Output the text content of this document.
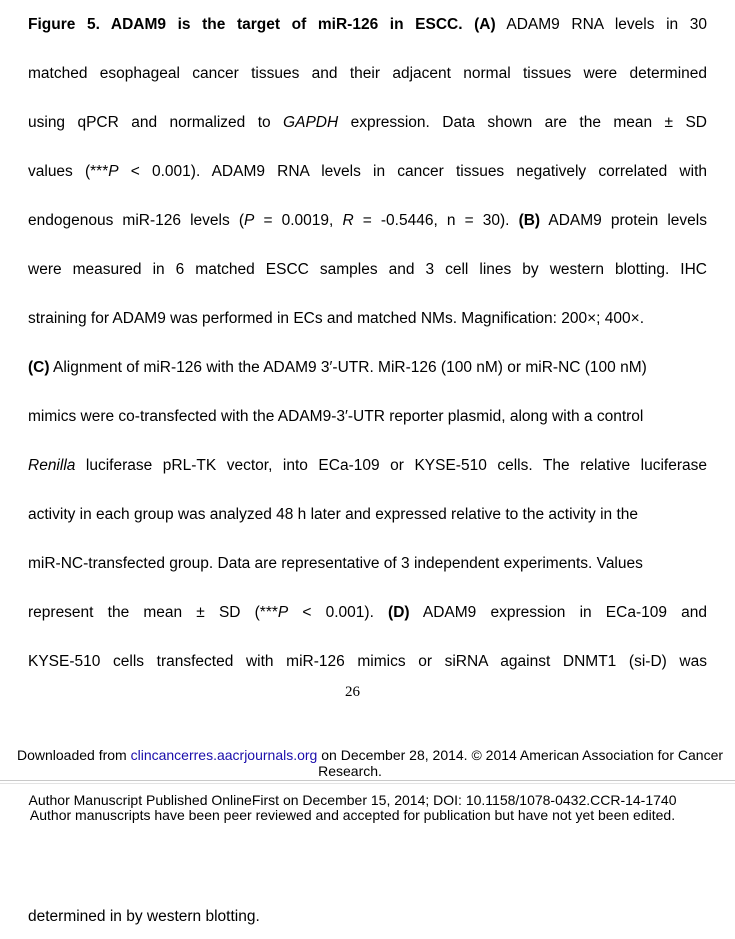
Figure 5. ADAM9 is the target of miR-126 in ESCC. (A) ADAM9 RNA levels in 30
matched esophageal cancer tissues and their adjacent normal tissues were determined
using qPCR and normalized to GAPDH expression. Data shown are the mean ± SD
values (***P < 0.001). ADAM9 RNA levels in cancer tissues negatively correlated with
endogenous miR-126 levels (P = 0.0019, R = -0.5446, n = 30). (B) ADAM9 protein levels
were measured in 6 matched ESCC samples and 3 cell lines by western blotting. IHC
straining for ADAM9 was performed in ECs and matched NMs. Magnification: 200×; 400×.
(C) Alignment of miR-126 with the ADAM9 3′-UTR. MiR-126 (100 nM) or miR-NC (100 nM)
mimics were co-transfected with the ADAM9-3′-UTR reporter plasmid, along with a control
Renilla luciferase pRL-TK vector, into ECa-109 or KYSE-510 cells. The relative luciferase
activity in each group was analyzed 48 h later and expressed relative to the activity in the
miR-NC-transfected group. Data are representative of 3 independent experiments. Values
represent the mean ± SD (***P < 0.001). (D) ADAM9 expression in ECa-109 and
KYSE-510 cells transfected with miR-126 mimics or siRNA against DNMT1 (si-D) was
26
Downloaded from clincancerres.aacrjournals.org on December 28, 2014. © 2014 American Association for Cancer
Research.
Author Manuscript Published OnlineFirst on December 15, 2014; DOI: 10.1158/1078-0432.CCR-14-1740
Author manuscripts have been peer reviewed and accepted for publication but have not yet been edited.
determined in by western blotting.
